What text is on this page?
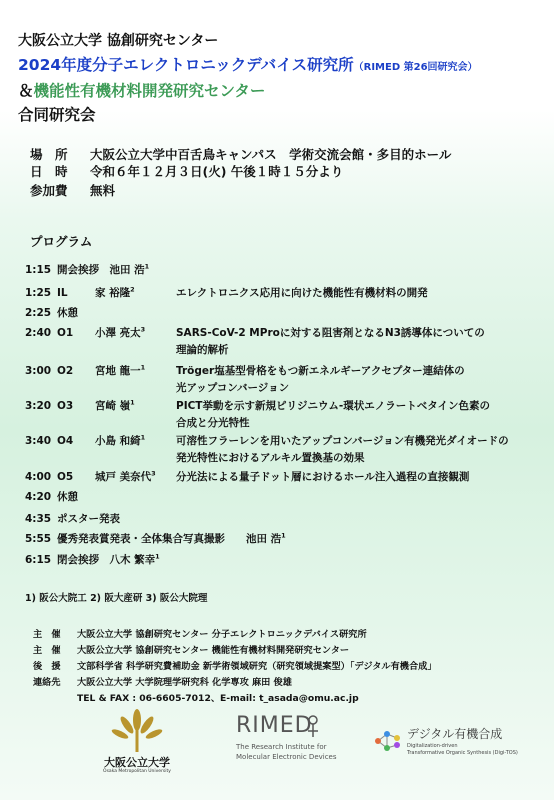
大阪公立大学 協創研究センター
2024年度分子エレクトロニックデバイス研究所（RIMED 第26回研究会）
＆機能性有機材料開発研究センター
合同研究会
場　所 大阪公立大学中百舌鳥キャンパス　学術交流会館・多目的ホール
日　時 令和６年１２月３日(火) 午後１時１５分より
参加費 無料
プログラム
1:15 開会挨拶　池田 浩$^1$
1:25 IL	家 裕隆$^2$	エレクトロニクス応用に向けた機能性有機材料の開発
2:25 休憩
2:40 O1 小澤 亮太$^3$	SARS-CoV-2 MProに対する阻害剤となるN3誘導体についての
理論的解析
3:00 O2 宮地 龍一$^1$	Tröger塩基型骨格をもつ新エネルギーアクセプター連結体の
光アップコンバージョン
3:20 O3 宮崎 嶺$^1$	PICT挙動を示す新規ピリジニウム-環状エノラートベタイン色素の
合成と分光特性
3:40 O4 小島 和綺$^1$	可溶性フラーレンを用いたアップコンバージョン有機発光ダイオードの
発光特性におけるアルキル置換基の効果
4:00 O5 城戸 美奈代$^3$ 分光法による量子ドット層におけるホール注入過程の直接観測
4:20 休憩
4:35 ポスター発表
5:55 優秀発表賞発表・全体集合写真撮影　　池田 浩$^1$
6:15 閉会挨拶　八木 繁幸$^1$
1) 阪公大院工 2) 阪大産研 3) 阪公大院理
主　催 大阪公立大学 協創研究センター 分子エレクトロニックデバイス研究所
主　催 大阪公立大学 協創研究センター 機能性有機材料開発研究センター
後　援 文部科学省 科学研究費補助金 新学術領域研究（研究領域提案型）「デジタル有機合成」
連絡先 大阪公立大学 大学院理学研究科 化学専攻 麻田 俊雄
TEL & FAX : 06-6605-7012、E-mail: t_asada@omu.ac.jp
大阪公立大学
Osaka Metropolitan University
RIMED
The Research Institute for
Molecular Electronic Devices
デジタル有機合成
Digitalization-driven
Transformative Organic Synthesis (Digi-TOS)
